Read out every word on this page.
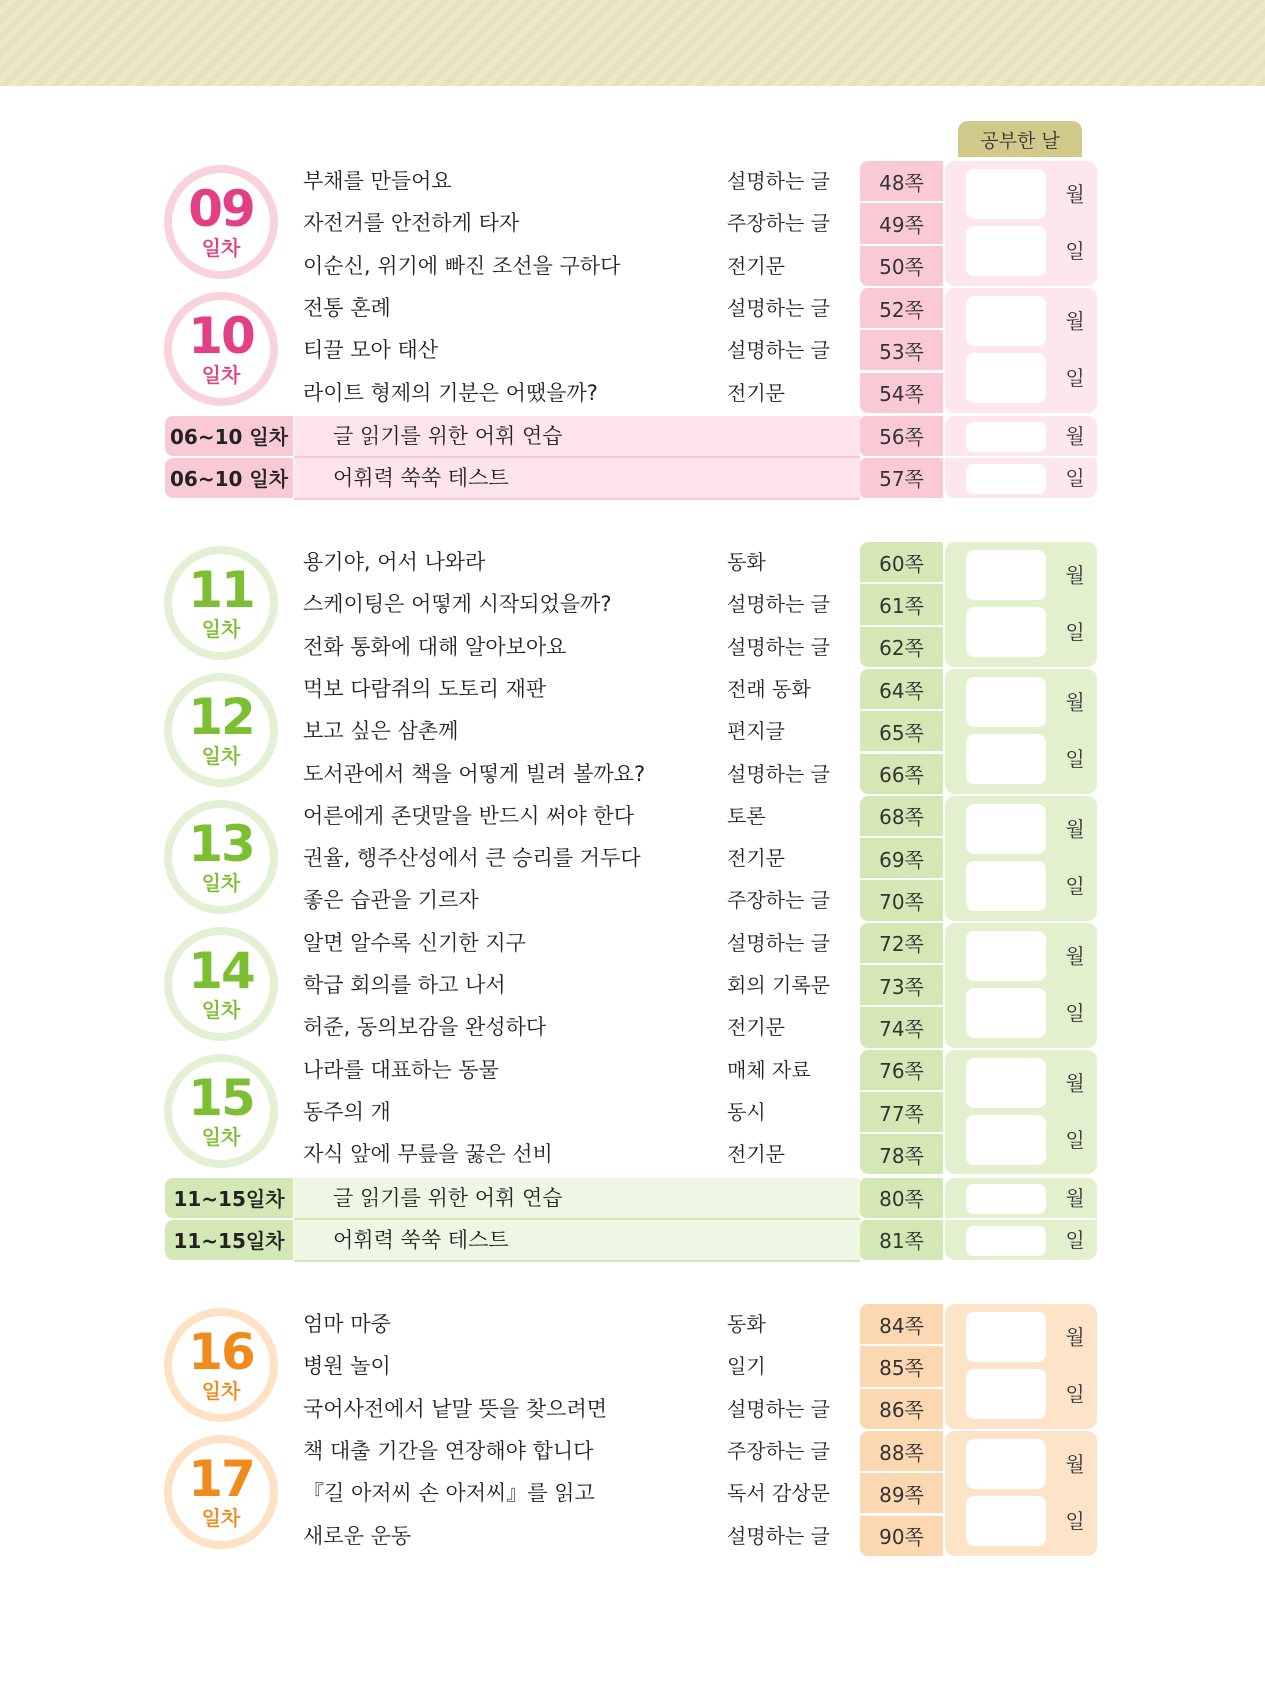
공부한 날
09
일차
부채를 만들어요	설명하는 글	48쪽
자전거를 안전하게 타자	주장하는 글	49쪽
이순신, 위기에 빠진 조선을 구하다	전기문	50쪽
월
일
10
일차
전통 혼례	설명하는 글	52쪽
티끌 모아 태산	설명하는 글	53쪽
라이트 형제의 기분은 어땠을까?	전기문	54쪽
월
일
06~10 일차 글 읽기를 위한 어휘 연습	56쪽	월
06~10 일차 어휘력 쑥쑥 테스트	57쪽	일
11
일차
용기야, 어서 나와라	동화	60쪽
스케이팅은 어떻게 시작되었을까?	설명하는 글	61쪽
전화 통화에 대해 알아보아요	설명하는 글	62쪽
월
일
12
일차
먹보 다람쥐의 도토리 재판	전래 동화	64쪽
보고 싶은 삼촌께	편지글	65쪽
도서관에서 책을 어떻게 빌려 볼까요?	설명하는 글	66쪽
월
일
13
일차
어른에게 존댓말을 반드시 써야 한다	토론	68쪽
권율, 행주산성에서 큰 승리를 거두다	전기문	69쪽
좋은 습관을 기르자	주장하는 글	70쪽
월
일
14
일차
알면 알수록 신기한 지구	설명하는 글	72쪽
학급 회의를 하고 나서	회의 기록문	73쪽
허준, 동의보감을 완성하다	전기문	74쪽
월
일
15
일차
나라를 대표하는 동물	매체 자료	76쪽
동주의 개	동시	77쪽
자식 앞에 무릎을 꿇은 선비	전기문	78쪽
월
일
11~15일차	글 읽기를 위한 어휘 연습	80쪽	월
11~15일차	어휘력 쑥쑥 테스트	81쪽	일
16
일차
엄마 마중	동화	84쪽
병원 놀이	일기	85쪽
국어사전에서 낱말 뜻을 찾으려면	설명하는 글	86쪽
월
일
17
일차
책 대출 기간을 연장해야 합니다	주장하는 글	88쪽
『길 아저씨 손 아저씨』를 읽고	독서 감상문	89쪽
새로운 운동	설명하는 글	90쪽
월
일
